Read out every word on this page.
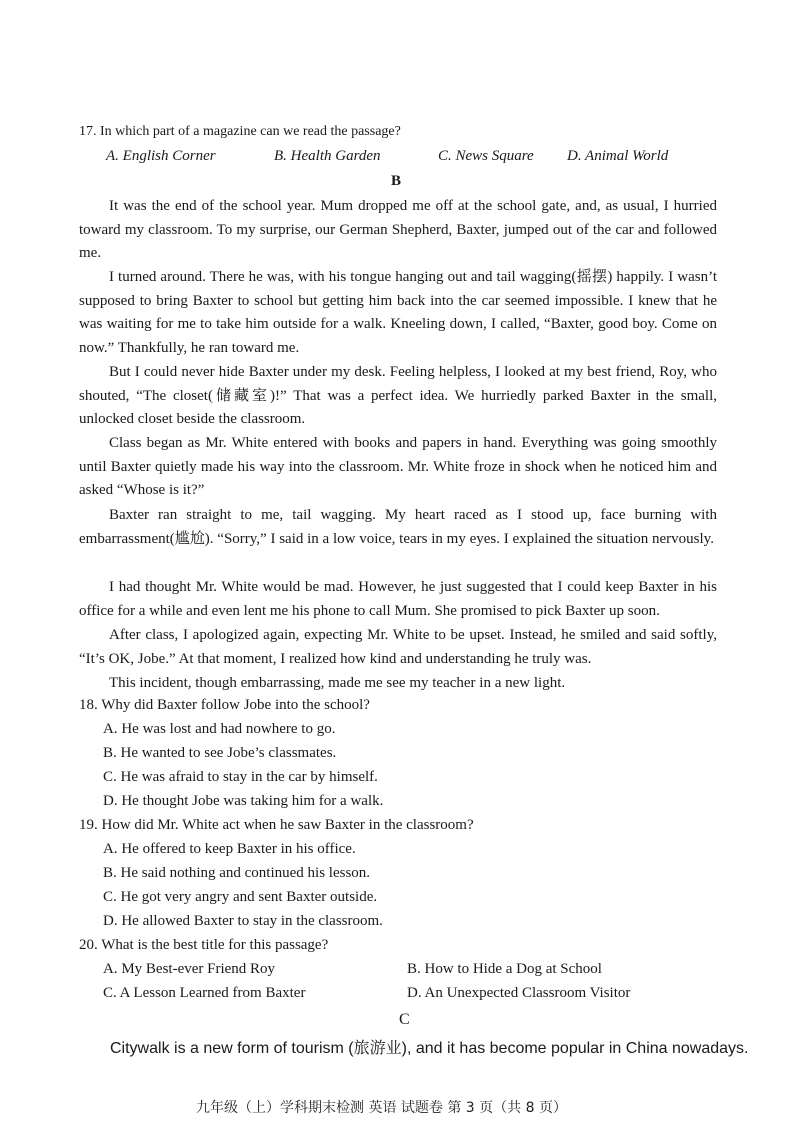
17. In which part of a magazine can we read the passage?
A. English Corner	B. Health Garden	C. News Square D. Animal World
B
It was the end of the school year. Mum dropped me off at the school gate, and, as usual, I hurried toward my classroom. To my surprise, our German Shepherd, Baxter, jumped out of the car and followed me.
I turned around. There he was, with his tongue hanging out and tail wagging(摇摆) happily. I wasn’t supposed to bring Baxter to school but getting him back into the car seemed impossible. I knew that he was waiting for me to take him outside for a walk. Kneeling down, I called, “Baxter, good boy. Come on now.” Thankfully, he ran toward me.
But I could never hide Baxter under my desk. Feeling helpless, I looked at my best friend, Roy, who shouted, “The closet(储藏室)!” That was a perfect idea. We hurriedly parked Baxter in the small, unlocked closet beside the classroom.
Class began as Mr. White entered with books and papers in hand. Everything was going smoothly until Baxter quietly made his way into the classroom. Mr. White froze in shock when he noticed him and asked “Whose is it?”
Baxter ran straight to me, tail wagging. My heart raced as I stood up, face burning with embarrassment(尴尬). “Sorry,” I said in a low voice, tears in my eyes. I explained the situation nervously.
I had thought Mr. White would be mad. However, he just suggested that I could keep Baxter in his office for a while and even lent me his phone to call Mum. She promised to pick Baxter up soon.
After class, I apologized again, expecting Mr. White to be upset. Instead, he smiled and said softly, “It’s OK, Jobe.” At that moment, I realized how kind and understanding he truly was.
This incident, though embarrassing, made me see my teacher in a new light.
18. Why did Baxter follow Jobe into the school?
A. He was lost and had nowhere to go.
B. He wanted to see Jobe’s classmates.
C. He was afraid to stay in the car by himself.
D. He thought Jobe was taking him for a walk.
19. How did Mr. White act when he saw Baxter in the classroom?
A. He offered to keep Baxter in his office.
B. He said nothing and continued his lesson.
C. He got very angry and sent Baxter outside.
D. He allowed Baxter to stay in the classroom.
20. What is the best title for this passage?
A. My Best-ever Friend Roy	B. How to Hide a Dog at School
C. A Lesson Learned from Baxter	D. An Unexpected Classroom Visitor
C
Citywalk is a new form of tourism (旅游业), and it has become popular in China nowadays.
九年级（上）学科期末检测 英语 试题卷 第 3 页（共 8 页）
